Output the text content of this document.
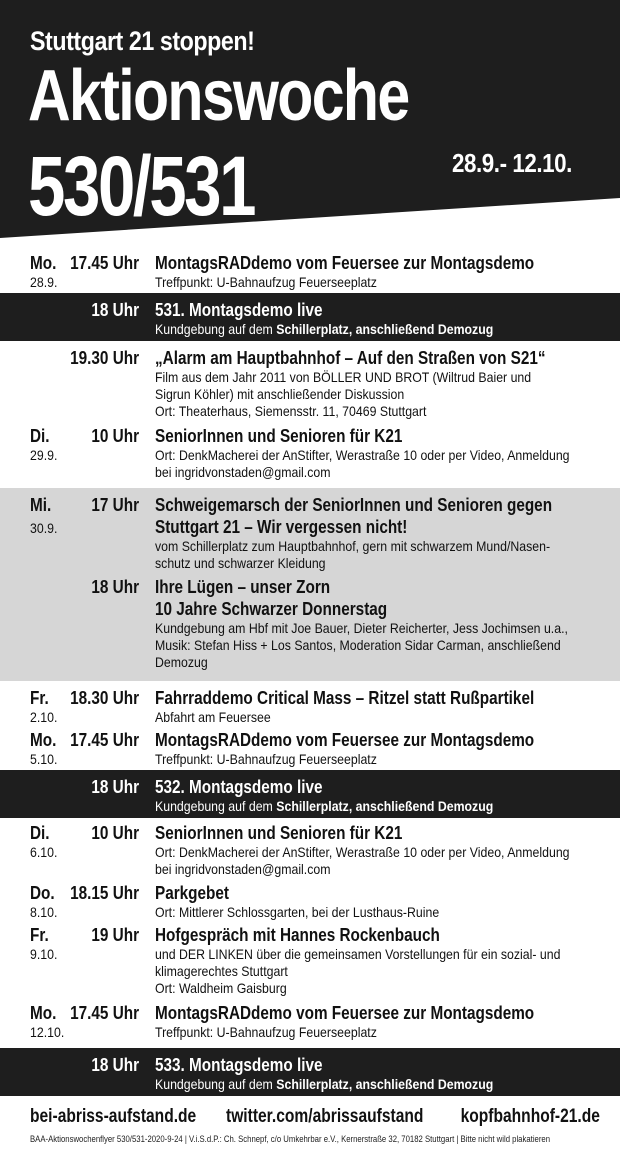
Stuttgart 21 stoppen!
Aktionswoche
530/531	28.9.- 12.10.
Mo. 17.45 Uhr
28.9.
MontagsRADdemo vom Feuersee zur Montagsdemo
Treffpunkt: U-Bahnaufzug Feuerseeplatz
18 Uhr 531. Montagsdemo live
Kundgebung auf dem Schillerplatz, anschließend Demozug
19.30 Uhr „Alarm am Hauptbahnhof – Auf den Straßen von S21“
Film aus dem Jahr 2011 von BÖLLER UND BROT (Wiltrud Baier und
Sigrun Köhler) mit anschließender Diskussion
Ort: Theaterhaus, Siemensstr. 11, 70469 Stuttgart
Di. 10 Uhr
29.9.
SeniorInnen und Senioren für K21
Ort: DenkMacherei der AnStifter, Werastraße 10 oder per Video, Anmeldung
bei ingridvonstaden@gmail.com
Mi. 17 Uhr
30.9.
Schweigemarsch der SeniorInnen und Senioren gegen
Stuttgart 21 – Wir vergessen nicht!
vom Schillerplatz zum Hauptbahnhof, gern mit schwarzem Mund/Nasen-
schutz und schwarzer Kleidung
18 Uhr Ihre Lügen – unser Zorn
10 Jahre Schwarzer Donnerstag
Kundgebung am Hbf mit Joe Bauer, Dieter Reicherter, Jess Jochimsen u.a.,
Musik: Stefan Hiss + Los Santos, Moderation Sidar Carman, anschließend
Demozug
Fr. 18.30 Uhr
2.10.
Fahrraddemo Critical Mass – Ritzel statt Rußpartikel
Abfahrt am Feuersee
Mo. 17.45 Uhr
5.10.
MontagsRADdemo vom Feuersee zur Montagsdemo
Treffpunkt: U-Bahnaufzug Feuerseeplatz
18 Uhr 532. Montagsdemo live
Kundgebung auf dem Schillerplatz, anschließend Demozug
Di. 10 Uhr
6.10.
SeniorInnen und Senioren für K21
Ort: DenkMacherei der AnStifter, Werastraße 10 oder per Video, Anmeldung
bei ingridvonstaden@gmail.com
Do. 18.15 Uhr
8.10.
Parkgebet
Ort: Mittlerer Schlossgarten, bei der Lusthaus-Ruine
Fr. 19 Uhr
9.10.
Hofgespräch mit Hannes Rockenbauch
und DER LINKEN über die gemeinsamen Vorstellungen für ein sozial- und
klimagerechtes Stuttgart
Ort: Waldheim Gaisburg
Mo. 17.45 Uhr
12.10.
MontagsRADdemo vom Feuersee zur Montagsdemo
Treffpunkt: U-Bahnaufzug Feuerseeplatz
18 Uhr 533. Montagsdemo live
Kundgebung auf dem Schillerplatz, anschließend Demozug
bei-abriss-aufstand.de twitter.com/abrissaufstand kopfbahnhof-21.de
BAA-Aktionswochenflyer 530/531-2020-9-24 | V.i.S.d.P.: Ch. Schnepf, c/o Umkehrbar e.V., Kernerstraße 32, 70182 Stuttgart | Bitte nicht wild plakatieren
